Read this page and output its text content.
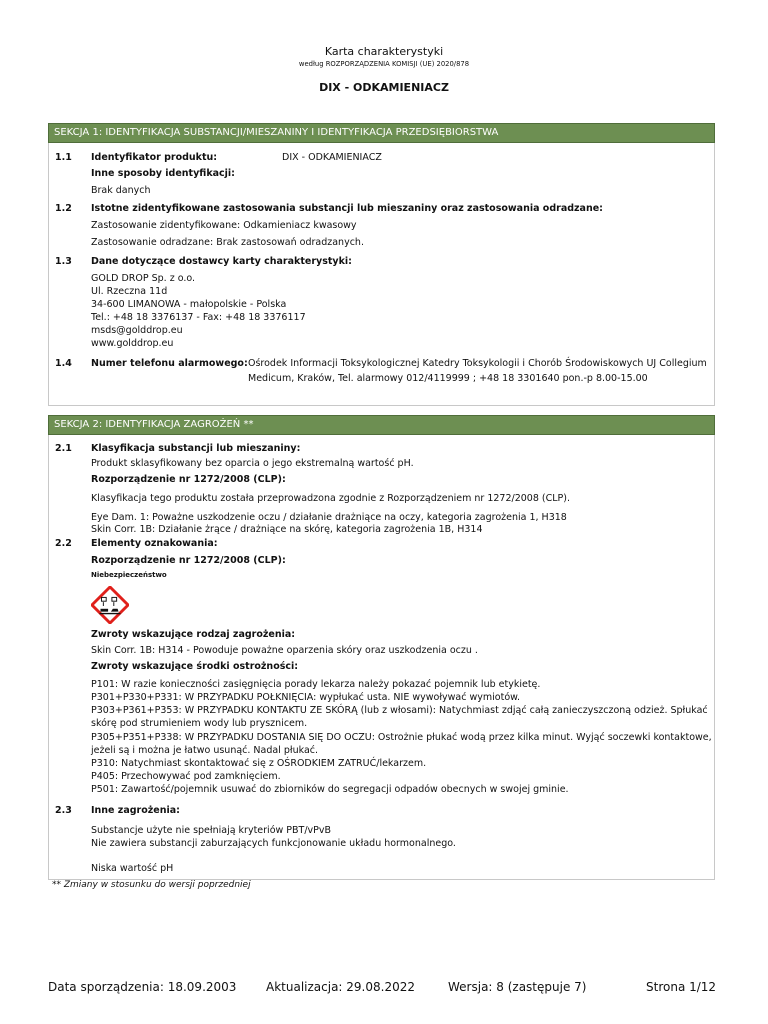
Karta charakterystyki
według ROZPORZĄDZENIA KOMISJI (UE) 2020/878
DIX - ODKAMIENIACZ
SEKCJA 1: IDENTYFIKACJA SUBSTANCJI/MIESZANINY I IDENTYFIKACJA PRZEDSIĘBIORSTWA
1.1 Identyfikator produktu:	DIX - ODKAMIENIACZ
Inne sposoby identyfikacji:
Brak danych
1.2 Istotne zidentyfikowane zastosowania substancji lub mieszaniny oraz zastosowania odradzane:
Zastosowanie zidentyfikowane: Odkamieniacz kwasowy
Zastosowanie odradzane: Brak zastosowań odradzanych.
1.3 Dane dotyczące dostawcy karty charakterystyki:
GOLD DROP Sp. z o.o.
Ul. Rzeczna 11d
34-600 LIMANOWA - małopolskie - Polska
Tel.: +48 18 3376137 - Fax: +48 18 3376117
msds@golddrop.eu
www.golddrop.eu
1.4 Numer telefonu alarmowego: Ośrodek Informacji Toksykologicznej Katedry Toksykologii i Chorób Środowiskowych UJ Collegium
Medicum, Kraków, Tel. alarmowy 012/4119999 ; +48 18 3301640 pon.-p 8.00-15.00
SEKCJA 2: IDENTYFIKACJA ZAGROŻEŃ **
2.1 Klasyfikacja substancji lub mieszaniny:
Produkt sklasyfikowany bez oparcia o jego ekstremalną wartość pH.
Rozporządzenie nr 1272/2008 (CLP):
Klasyfikacja tego produktu została przeprowadzona zgodnie z Rozporządzeniem nr 1272/2008 (CLP).
Eye Dam. 1: Poważne uszkodzenie oczu / działanie drażniące na oczy, kategoria zagrożenia 1, H318
Skin Corr. 1B: Działanie żrące / drażniące na skórę, kategoria zagrożenia 1B, H314
2.2 Elementy oznakowania:
Rozporządzenie nr 1272/2008 (CLP):
Niebezpieczeństwo
Zwroty wskazujące rodzaj zagrożenia:
Skin Corr. 1B: H314 - Powoduje poważne oparzenia skóry oraz uszkodzenia oczu .
Zwroty wskazujące środki ostrożności:
P101: W razie konieczności zasięgnięcia porady lekarza należy pokazać pojemnik lub etykietę.
P301+P330+P331: W PRZYPADKU POŁKNIĘCIA: wypłukać usta. NIE wywoływać wymiotów.
P303+P361+P353: W PRZYPADKU KONTAKTU ZE SKÓRĄ (lub z włosami): Natychmiast zdjąć całą zanieczyszczoną odzież. Spłukać
skórę pod strumieniem wody lub prysznicem.
P305+P351+P338: W PRZYPADKU DOSTANIA SIĘ DO OCZU: Ostrożnie płukać wodą przez kilka minut. Wyjąć soczewki kontaktowe,
jeżeli są i można je łatwo usunąć. Nadal płukać.
P310: Natychmiast skontaktować się z OŚRODKIEM ZATRUĆ/lekarzem.
P405: Przechowywać pod zamknięciem.
P501: Zawartość/pojemnik usuwać do zbiorników do segregacji odpadów obecnych w swojej gminie.
2.3 Inne zagrożenia:
Substancje użyte nie spełniają kryteriów PBT/vPvB
Nie zawiera substancji zaburzających funkcjonowanie układu hormonalnego.
Niska wartość pH
** Zmiany w stosunku do wersji poprzedniej
Data sporządzenia: 18.09.2003 Aktualizacja: 29.08.2022	Wersja: 8 (zastępuje 7)	Strona 1/12
